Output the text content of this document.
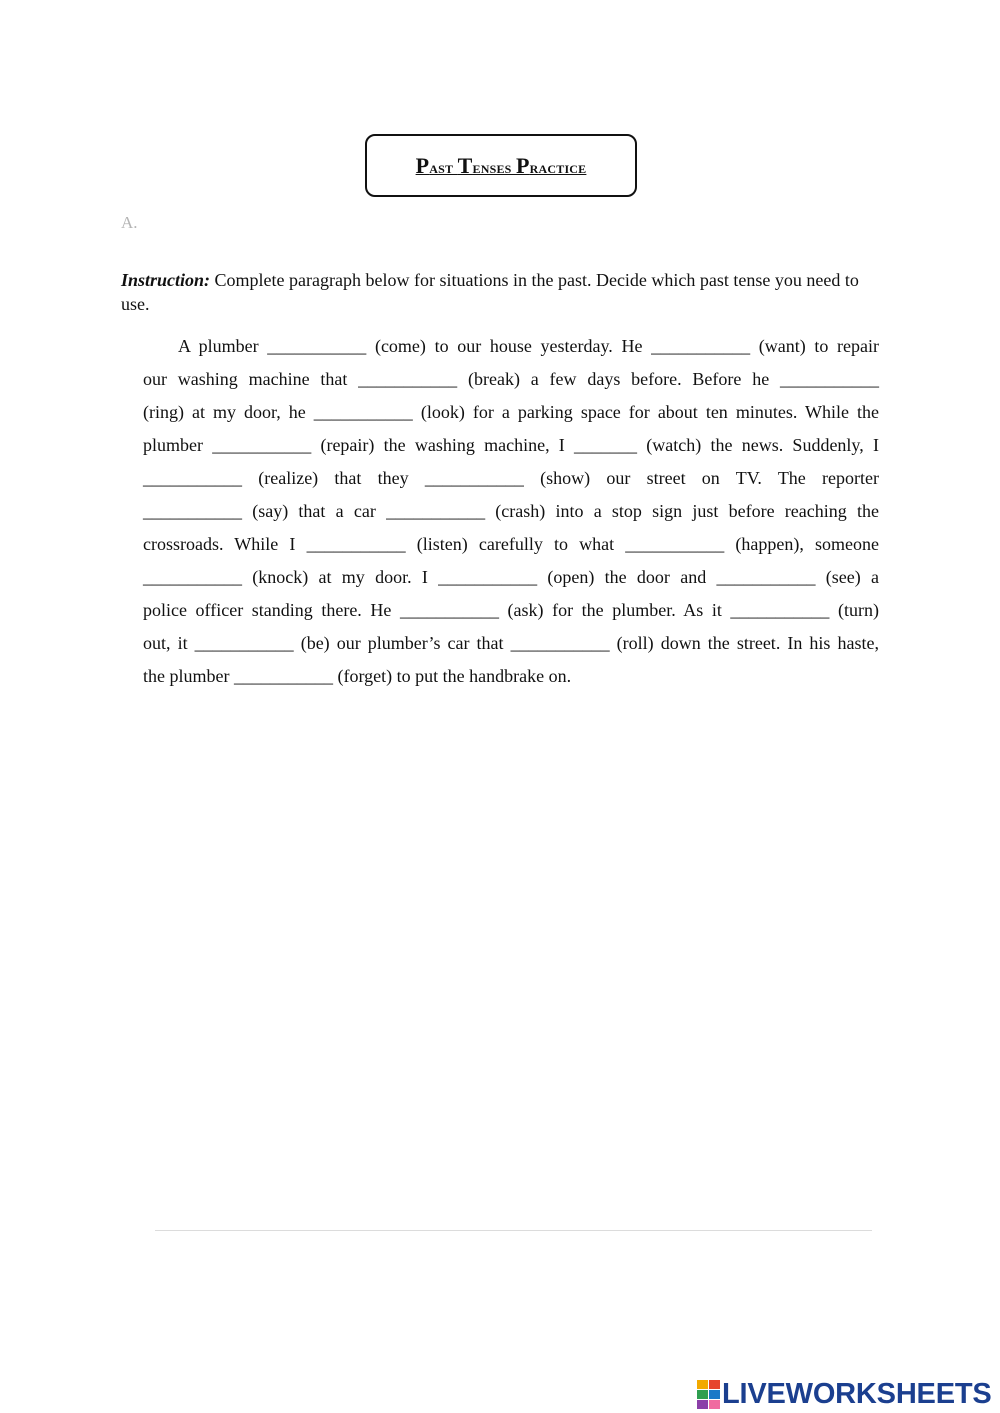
Past Tenses Practice
A.
Instruction: Complete paragraph below for situations in the past. Decide which past tense you need to use.
A plumber ___________ (come) to our house yesterday. He ___________ (want) to repair
our washing machine that ___________ (break) a few days before. Before he ___________
(ring) at my door, he ___________ (look) for a parking space for about ten minutes. While the
plumber ___________ (repair) the washing machine, I _______ (watch) the news. Suddenly, I
___________ (realize) that they ___________ (show) our street on TV. The reporter
___________ (say) that a car ___________ (crash) into a stop sign just before reaching the
crossroads. While I ___________ (listen) carefully to what ___________ (happen), someone
___________ (knock) at my door. I ___________ (open) the door and ___________ (see) a
police officer standing there. He ___________ (ask) for the plumber. As it ___________ (turn)
out, it ___________ (be) our plumber’s car that ___________ (roll) down the street. In his haste,
the plumber ___________ (forget) to put the handbrake on.
LIVEWORKSHEETS
